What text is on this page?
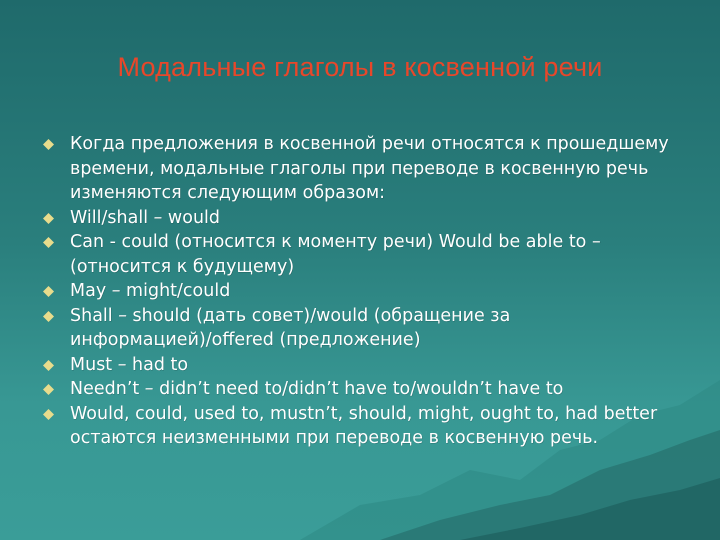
Модальные глаголы в косвенной речи
Когда предложения в косвенной речи относятся к прошедшему времени, модальные глаголы при переводе в косвенную речь изменяются следующим образом:
Will/shall – would
Can - could (относится к моменту речи) Would be able to – (относится к будущему)
May – might/could
Shall – should (дать совет)/would (обращение за информацией)/offered (предложение)
Must – had to
Needn’t – didn’t need to/didn’t have to/wouldn’t have to
Would, could, used to, mustn’t, should, might, ought to, had better остаются неизменными при переводе в косвенную речь.
